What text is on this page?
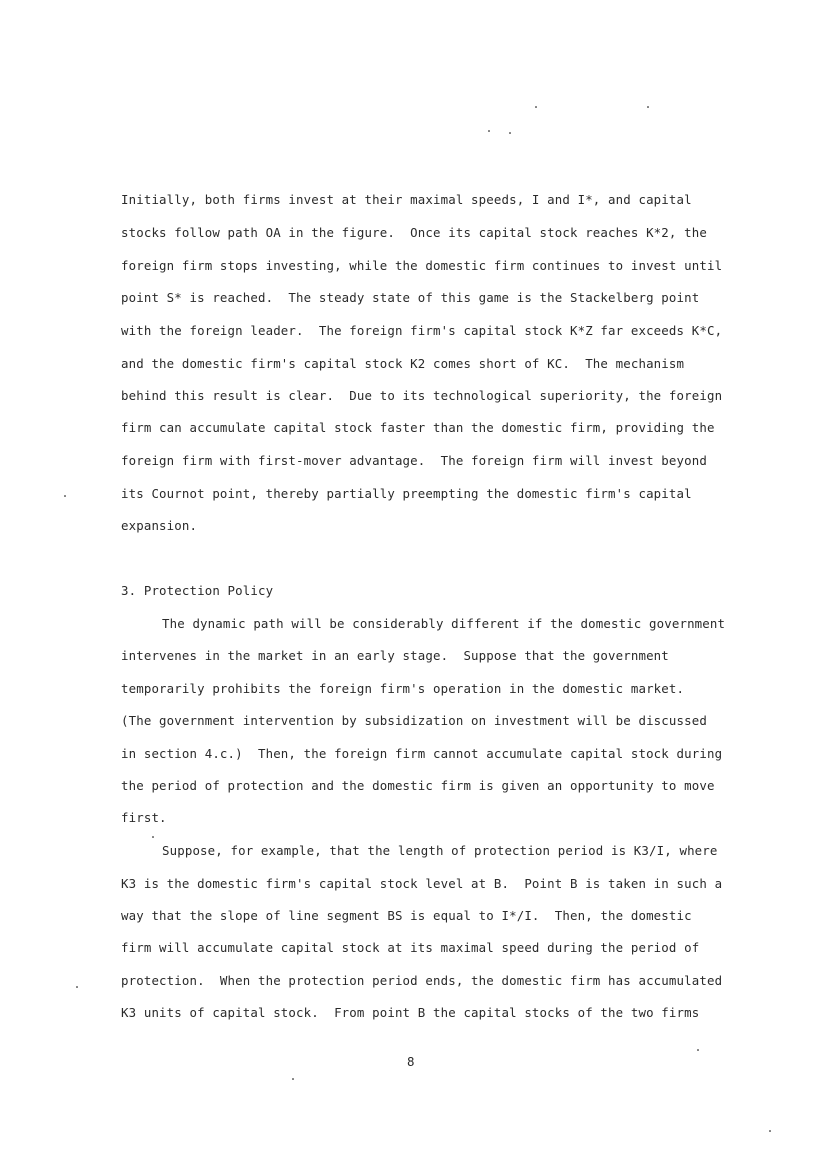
Initially, both firms invest at their maximal speeds, I and I*, and capital
stocks follow path OA in the figure.  Once its capital stock reaches K*2, the
foreign firm stops investing, while the domestic firm continues to invest until
point S* is reached.  The steady state of this game is the Stackelberg point
with the foreign leader.  The foreign firm's capital stock K*Z far exceeds K*C,
and the domestic firm's capital stock K2 comes short of KC.  The mechanism
behind this result is clear.  Due to its technological superiority, the foreign
firm can accumulate capital stock faster than the domestic firm, providing the
foreign firm with first-mover advantage.  The foreign firm will invest beyond
its Cournot point, thereby partially preempting the domestic firm's capital
expansion.
3. Protection Policy
The dynamic path will be considerably different if the domestic government
intervenes in the market in an early stage.  Suppose that the government
temporarily prohibits the foreign firm's operation in the domestic market.
(The government intervention by subsidization on investment will be discussed
in section 4.c.)  Then, the foreign firm cannot accumulate capital stock during
the period of protection and the domestic firm is given an opportunity to move
first.
Suppose, for example, that the length of protection period is K3/I, where
K3 is the domestic firm's capital stock level at B.  Point B is taken in such a
way that the slope of line segment BS is equal to I*/I.  Then, the domestic
firm will accumulate capital stock at its maximal speed during the period of
protection.  When the protection period ends, the domestic firm has accumulated
K3 units of capital stock.  From point B the capital stocks of the two firms
8
